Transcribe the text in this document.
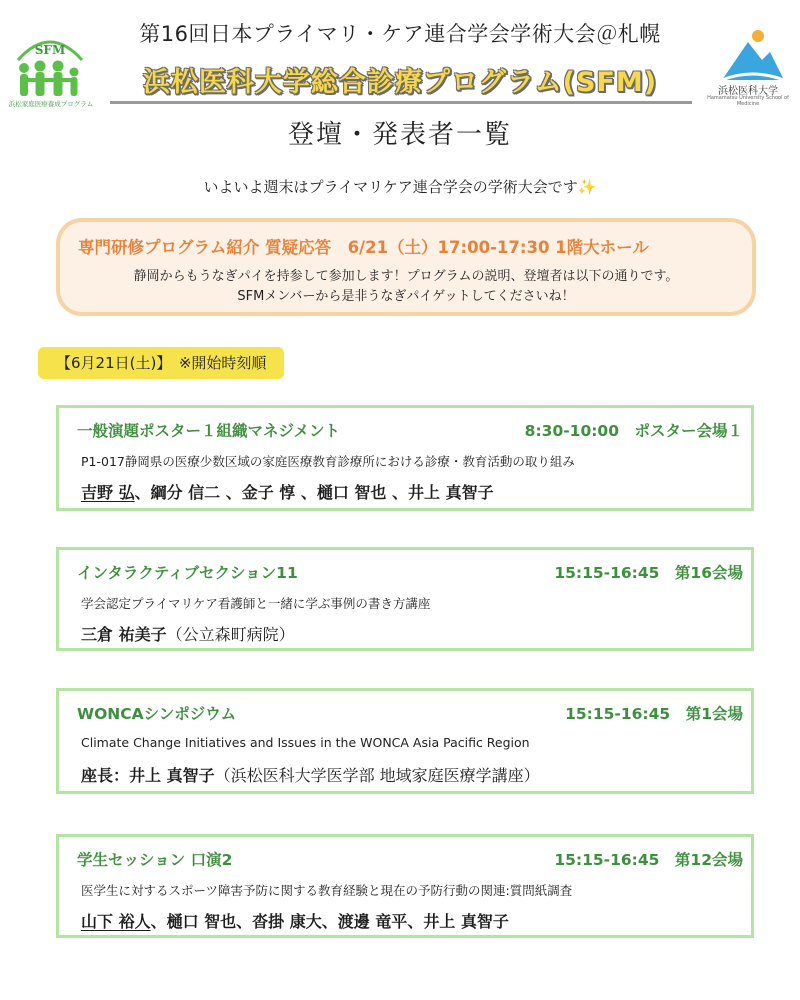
SFM
浜松家庭医療養成プログラム
浜松医科大学
Hamamatsu University School of Medicine
第16回日本プライマリ・ケア連合学会学術大会＠札幌
浜松医科大学総合診療プログラム(SFM)
登壇・発表者一覧
いよいよ週末はプライマリケア連合学会の学術大会です✨
専門研修プログラム紹介 質疑応答　6/21（土）17:00-17:30 1階大ホール
静岡からもうなぎパイを持参して参加します！プログラムの説明、登壇者は以下の通りです。
SFMメンバーから是非うなぎパイゲットしてくださいね！
【6月21日(土)】　※開始時刻順
一般演題ポスター１組織マネジメント	8:30-10:00　ポスター会場１
P1-017静岡県の医療少数区域の家庭医療教育診療所における診療・教育活動の取り組み
吉野 弘、綱分 信二 、金子 惇 、樋口 智也 、井上 真智子
インタラクティブセクション11	15:15-16:45　第16会場
学会認定プライマリケア看護師と一緒に学ぶ事例の書き方講座
三倉 祐美子（公立森町病院）
WONCAシンポジウム	15:15-16:45　第1会場
Climate Change Initiatives and Issues in the WONCA Asia Pacific Region
座長：井上 真智子（浜松医科大学医学部 地域家庭医療学講座）
学生セッション 口演2	15:15-16:45　第12会場
医学生に対するスポーツ障害予防に関する教育経験と現在の予防行動の関連:質問紙調査
山下 裕人、樋口 智也、沓掛 康大、渡邊 竜平、井上 真智子
